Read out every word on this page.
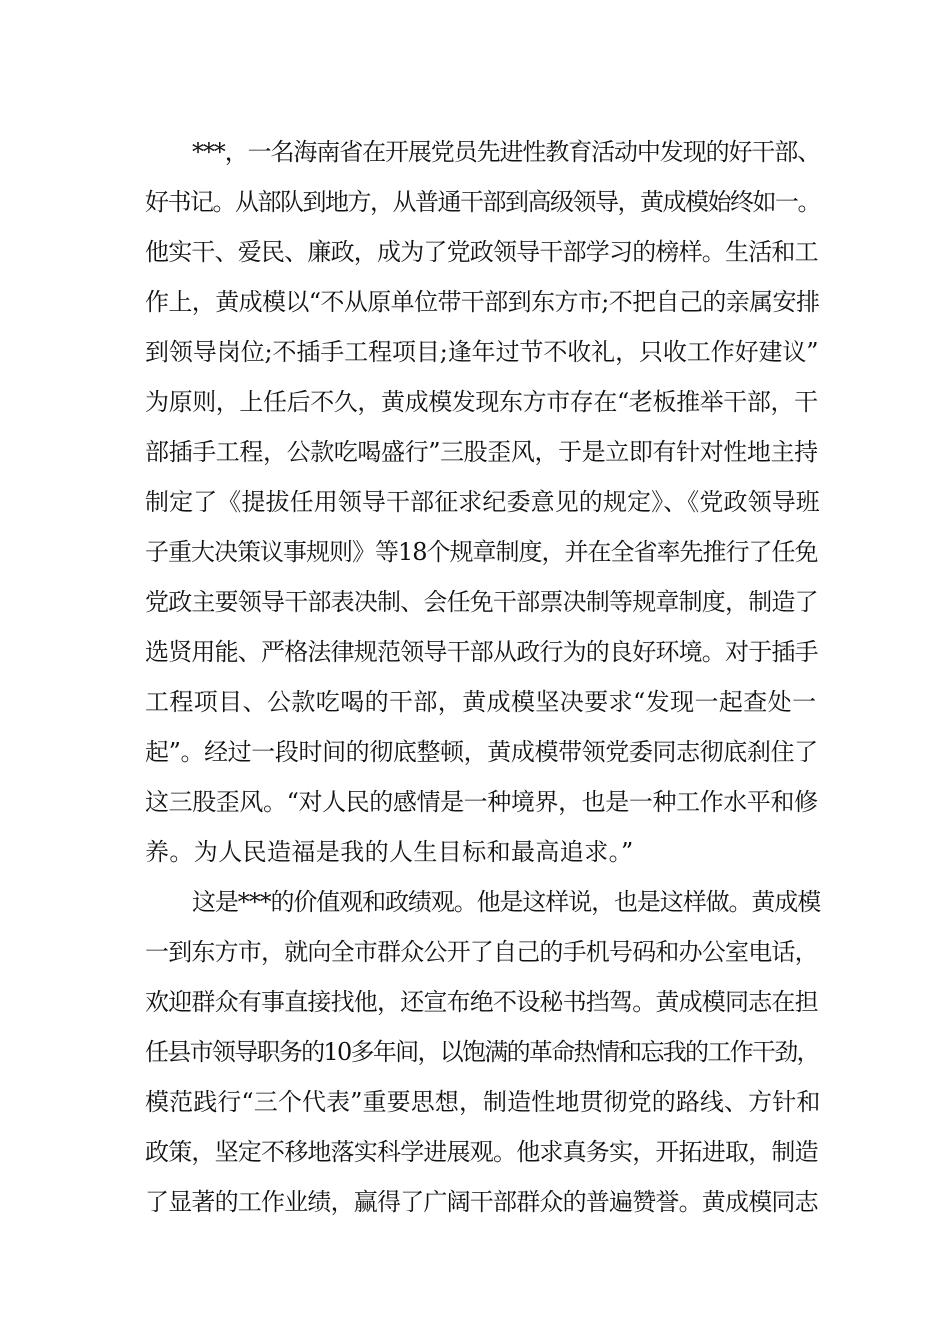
***，一名海南省在开展党员先进性教育活动中发现的好干部、
好书记。从部队到地方，从普通干部到高级领导，黄成模始终如一。
他实干、爱民、廉政，成为了党政领导干部学习的榜样。生活和工
作上，黄成模以“不从原单位带干部到东方市;不把自己的亲属安排
到领导岗位;不插手工程项目;逢年过节不收礼，只收工作好建议”
为原则，上任后不久，黄成模发现东方市存在“老板推举干部，干
部插手工程，公款吃喝盛行”三股歪风，于是立即有针对性地主持
制定了《提拔任用领导干部征求纪委意见的规定》、《党政领导班
子重大决策议事规则》等18个规章制度，并在全省率先推行了任免
党政主要领导干部表决制、会任免干部票决制等规章制度，制造了
选贤用能、严格法律规范领导干部从政行为的良好环境。对于插手
工程项目、公款吃喝的干部，黄成模坚决要求“发现一起查处一
起”。经过一段时间的彻底整顿，黄成模带领党委同志彻底刹住了
这三股歪风。“对人民的感情是一种境界，也是一种工作水平和修
养。为人民造福是我的人生目标和最高追求。”
这是***的价值观和政绩观。他是这样说，也是这样做。黄成模
一到东方市，就向全市群众公开了自己的手机号码和办公室电话，
欢迎群众有事直接找他，还宣布绝不设秘书挡驾。黄成模同志在担
任县市领导职务的10多年间，以饱满的革命热情和忘我的工作干劲，
模范践行“三个代表”重要思想，制造性地贯彻党的路线、方针和
政策，坚定不移地落实科学进展观。他求真务实，开拓进取，制造
了显著的工作业绩，赢得了广阔干部群众的普遍赞誉。黄成模同志
